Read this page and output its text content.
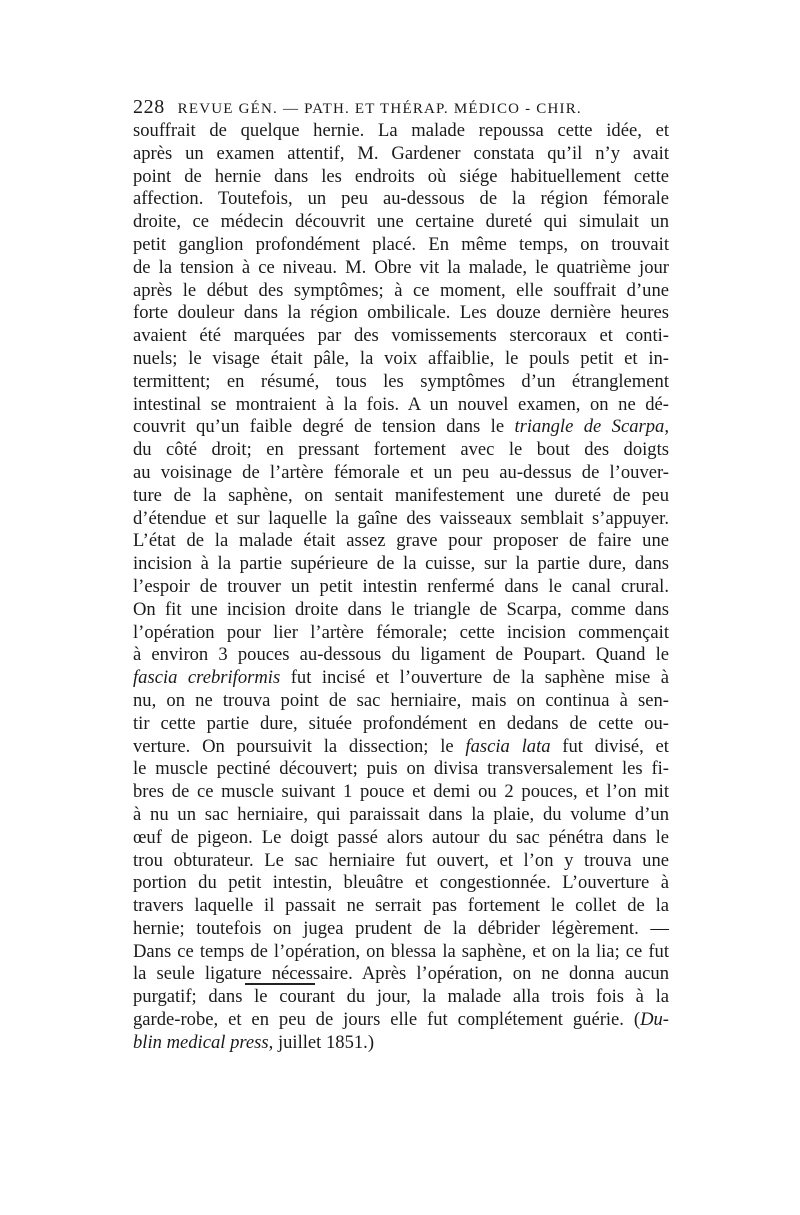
228 REVUE GÉN. — PATH. ET THÉRAP. MÉDICO - CHIR.
souffrait de quelque hernie. La malade repoussa cette idée, et
après un examen attentif, M. Gardener constata qu’il n’y avait
point de hernie dans les endroits où siége habituellement cette
affection. Toutefois, un peu au-dessous de la région fémorale
droite, ce médecin découvrit une certaine dureté qui simulait un
petit ganglion profondément placé. En même temps, on trouvait
de la tension à ce niveau. M. Obre vit la malade, le quatrième jour
après le début des symptômes; à ce moment, elle souffrait d’une
forte douleur dans la région ombilicale. Les douze dernière heures
avaient été marquées par des vomissements stercoraux et conti-
nuels; le visage était pâle, la voix affaiblie, le pouls petit et in-
termittent; en résumé, tous les symptômes d’un étranglement
intestinal se montraient à la fois. A un nouvel examen, on ne dé-
couvrit qu’un faible degré de tension dans le triangle de Scarpa,
du côté droit; en pressant fortement avec le bout des doigts
au voisinage de l’artère fémorale et un peu au-dessus de l’ouver-
ture de la saphène, on sentait manifestement une dureté de peu
d’étendue et sur laquelle la gaîne des vaisseaux semblait s’appuyer.
L’état de la malade était assez grave pour proposer de faire une
incision à la partie supérieure de la cuisse, sur la partie dure, dans
l’espoir de trouver un petit intestin renfermé dans le canal crural.
On fit une incision droite dans le triangle de Scarpa, comme dans
l’opération pour lier l’artère fémorale; cette incision commençait
à environ 3 pouces au-dessous du ligament de Poupart. Quand le
fascia crebriformis fut incisé et l’ouverture de la saphène mise à
nu, on ne trouva point de sac herniaire, mais on continua à sen-
tir cette partie dure, située profondément en dedans de cette ou-
verture. On poursuivit la dissection; le fascia lata fut divisé, et
le muscle pectiné découvert; puis on divisa transversalement les fi-
bres de ce muscle suivant 1 pouce et demi ou 2 pouces, et l’on mit
à nu un sac herniaire, qui paraissait dans la plaie, du volume d’un
œuf de pigeon. Le doigt passé alors autour du sac pénétra dans le
trou obturateur. Le sac herniaire fut ouvert, et l’on y trouva une
portion du petit intestin, bleuâtre et congestionnée. L’ouverture à
travers laquelle il passait ne serrait pas fortement le collet de la
hernie; toutefois on jugea prudent de la débrider légèrement. —
Dans ce temps de l’opération, on blessa la saphène, et on la lia; ce fut
la seule ligature nécessaire. Après l’opération, on ne donna aucun
purgatif; dans le courant du jour, la malade alla trois fois à la
garde-robe, et en peu de jours elle fut complétement guérie. (Du-
blin medical press, juillet 1851.)
